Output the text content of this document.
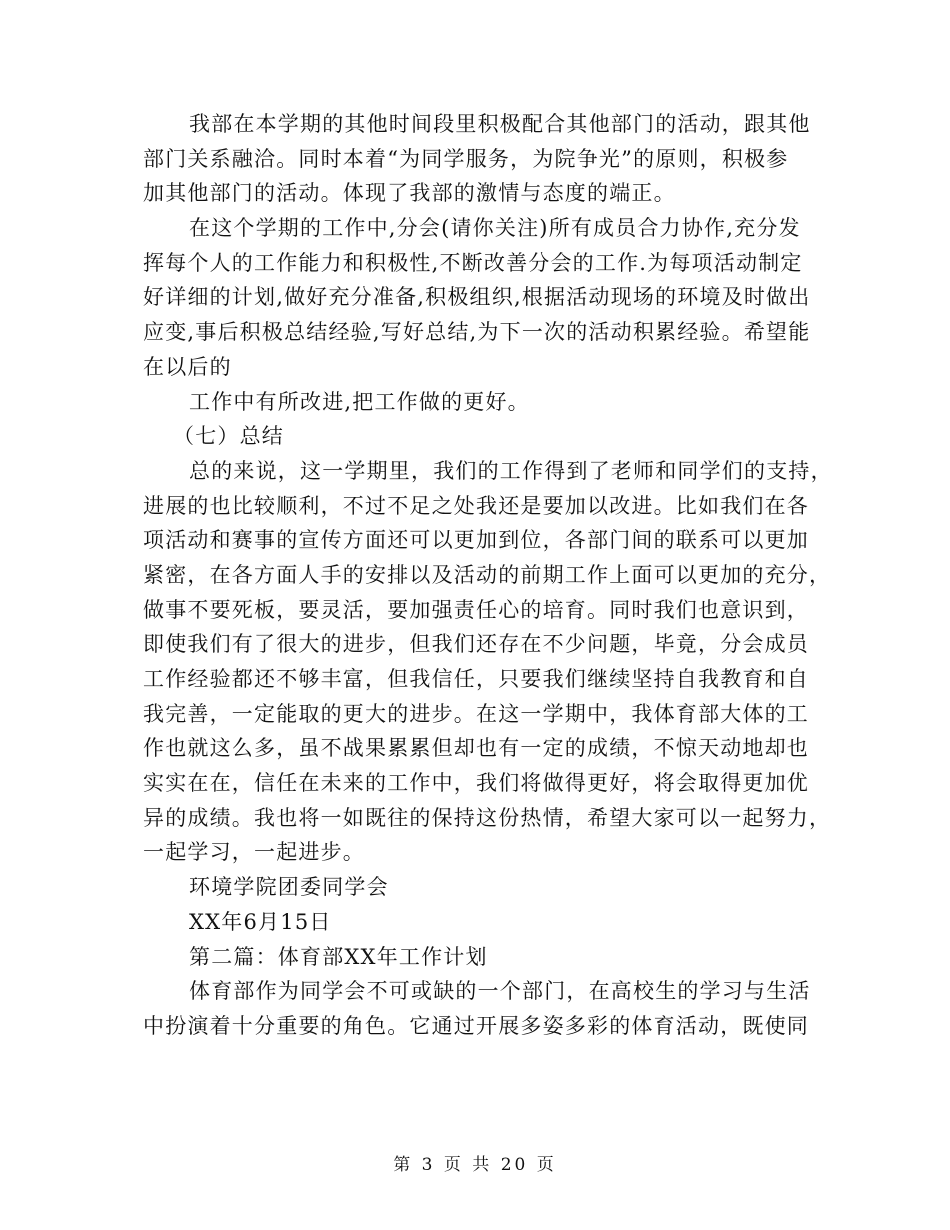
我部在本学期的其他时间段里积极配合其他部门的活动，跟其他
部门关系融洽。同时本着“为同学服务，为院争光”的原则，积极参
加其他部门的活动。体现了我部的激情与态度的端正。
在这个学期的工作中,分会(请你关注)所有成员合力协作,充分发
挥每个人的工作能力和积极性,不断改善分会的工作.为每项活动制定
好详细的计划,做好充分准备,积极组织,根据活动现场的环境及时做出
应变,事后积极总结经验,写好总结,为下一次的活动积累经验。希望能
在以后的
工作中有所改进,把工作做的更好。
（七）总结
总的来说，这一学期里，我们的工作得到了老师和同学们的支持，
进展的也比较顺利，不过不足之处我还是要加以改进。比如我们在各
项活动和赛事的宣传方面还可以更加到位，各部门间的联系可以更加
紧密，在各方面人手的安排以及活动的前期工作上面可以更加的充分，
做事不要死板，要灵活，要加强责任心的培育。同时我们也意识到，
即使我们有了很大的进步，但我们还存在不少问题，毕竟，分会成员
工作经验都还不够丰富，但我信任，只要我们继续坚持自我教育和自
我完善，一定能取的更大的进步。在这一学期中，我体育部大体的工
作也就这么多，虽不战果累累但却也有一定的成绩，不惊天动地却也
实实在在，信任在未来的工作中，我们将做得更好，将会取得更加优
异的成绩。我也将一如既往的保持这份热情，希望大家可以一起努力，
一起学习，一起进步。
环境学院团委同学会
XX年6月15日
第二篇：体育部XX年工作计划
体育部作为同学会不可或缺的一个部门，在高校生的学习与生活
中扮演着十分重要的角色。它通过开展多姿多彩的体育活动，既使同
第 3 页 共 20 页
